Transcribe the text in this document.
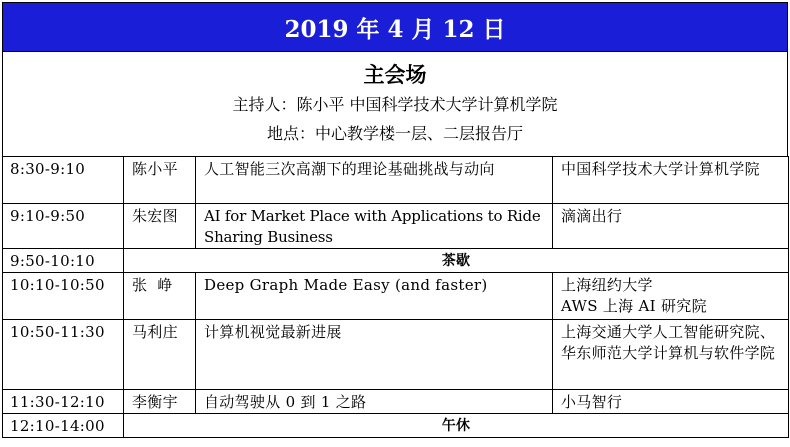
2019 年 4 月 12 日
主会场
主持人：陈小平 中国科学技术大学计算机学院
地点：中心教学楼一层、二层报告厅
8:30-9:10	陈小平	人工智能三次高潮下的理论基础挑战与动向	中国科学技术大学计算机学院
9:10-9:50	朱宏图	AI for Market Place with Applications to Ride Sharing Business	滴滴出行
9:50-10:10	茶歇		
10:10-10:50	张  峥	Deep Graph Made Easy (and faster)	上海纽约大学
AWS 上海 AI 研究院

10:50-11:30	马利庄	计算机视觉最新进展	上海交通大学人工智能研究院、华东师范大学计算机与软件学院
11:30-12:10	李衡宇	自动驾驶从 0 到 1 之路	小马智行
12:10-14:00	午休		
